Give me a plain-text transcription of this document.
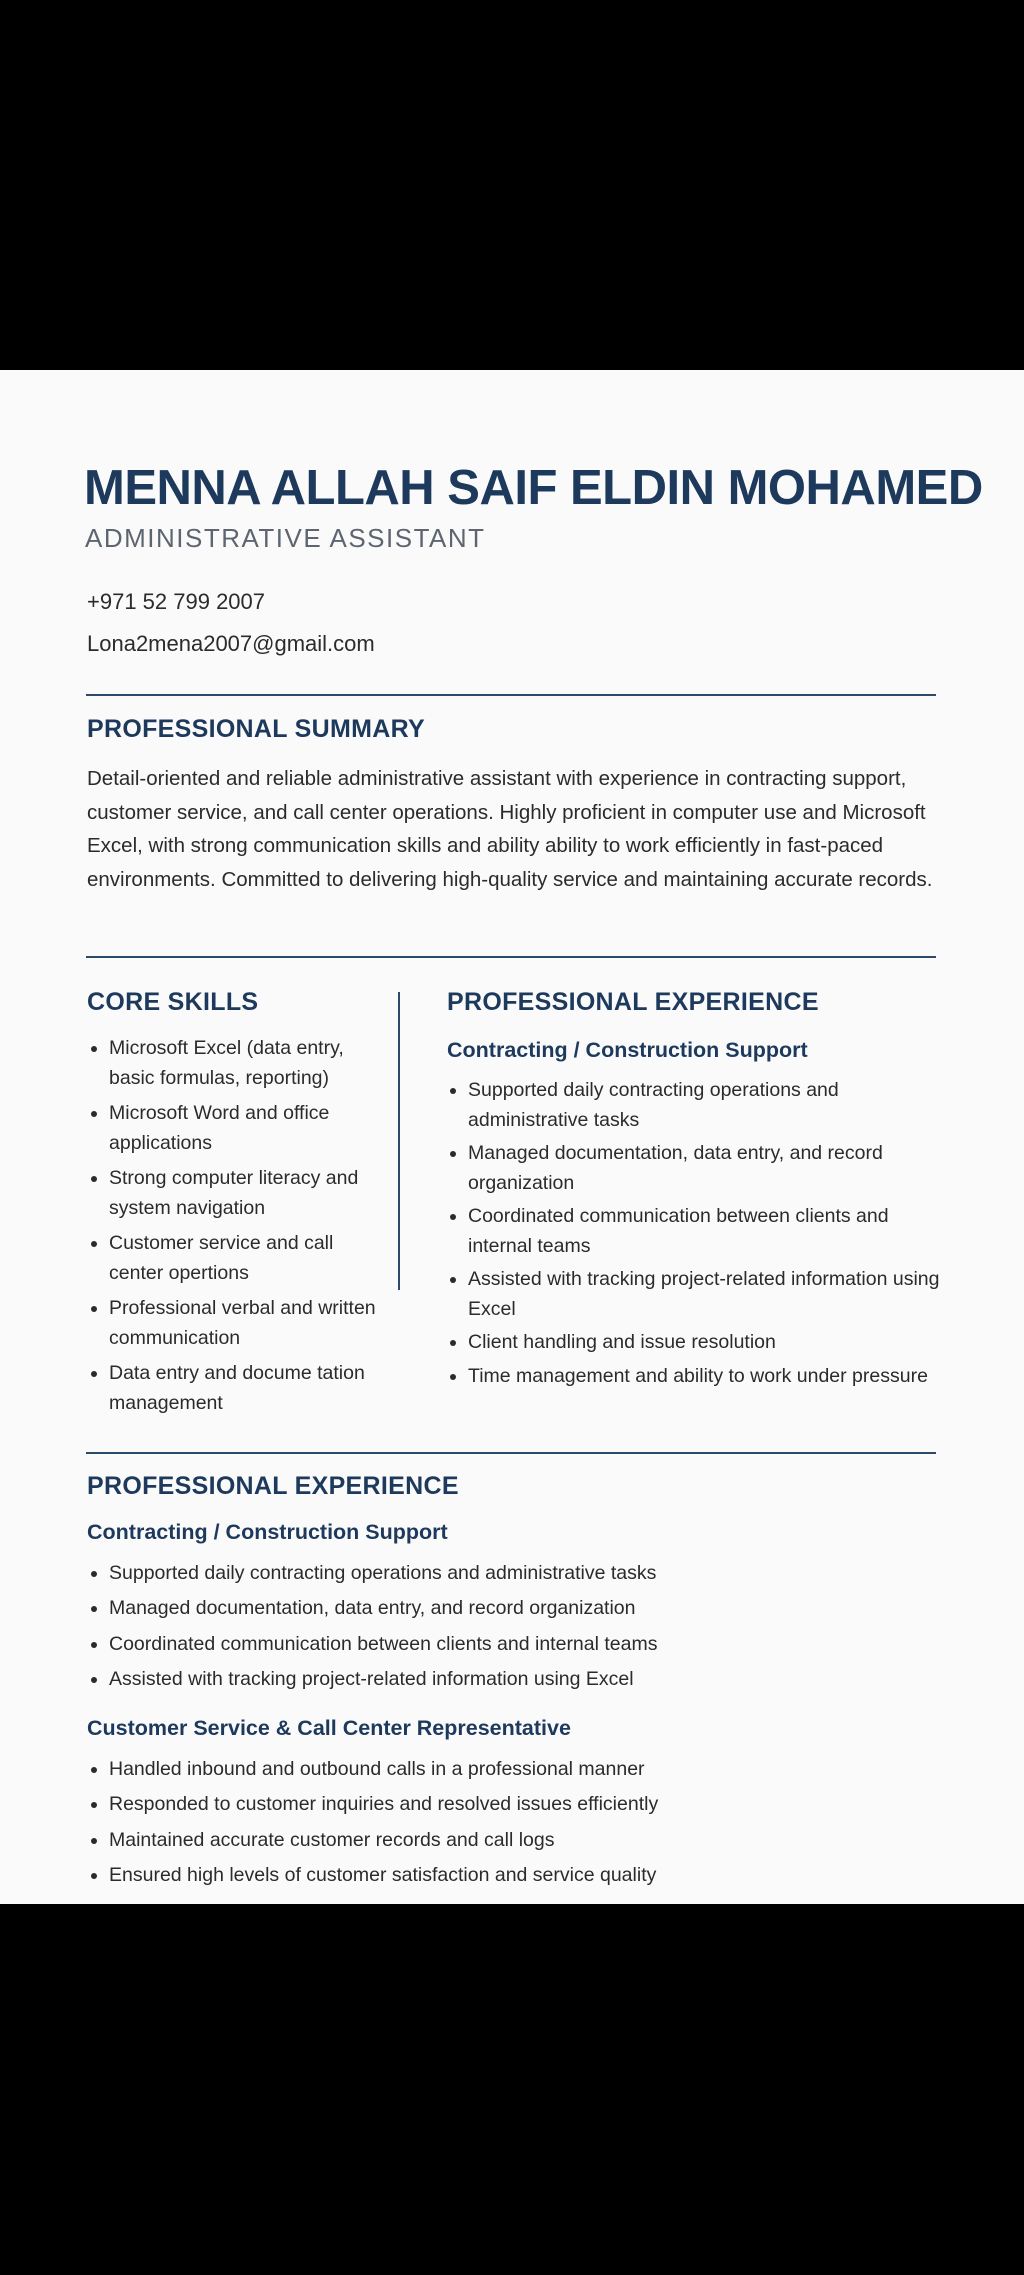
MENNA ALLAH SAIF ELDIN MOHAMED

ADMINISTRATIVE ASSISTANT

+971 52 799 2007

Lona2mena2007@gmail.com

PROFESSIONAL SUMMARY

Detail-oriented and reliable administrative assistant with experience in contracting support, customer service, and call center operations. Highly proficient in computer use and Microsoft Excel, with strong communication skills and ability ability to work efficiently in fast-paced environments. Committed to delivering high-quality service and maintaining accurate records.

CORE SKILLS
Microsoft Excel (data entry, basic formulas, reporting)
Microsoft Word and office applications
Strong computer literacy and system navigation
Customer service and call center opertions
Professional verbal and written communication
Data entry and docume tation management
PROFESSIONAL EXPERIENCE
Contracting / Construction Support
Supported daily contracting operations and administrative tasks
Managed documentation, data entry, and record organization
Coordinated communication between clients and internal teams
Assisted with tracking project-related information using Excel
Client handling and issue resolution
Time management and ability to work under pressure
PROFESSIONAL EXPERIENCE
Contracting / Construction Support
Supported daily contracting operations and administrative tasks
Managed documentation, data entry, and record organization
Coordinated communication between clients and internal teams
Assisted with tracking project-related information using Excel
Customer Service & Call Center Representative
Handled inbound and outbound calls in a professional manner
Responded to customer inquiries and resolved issues efficiently
Maintained accurate customer records and call logs
Ensured high levels of customer satisfaction and service quality
